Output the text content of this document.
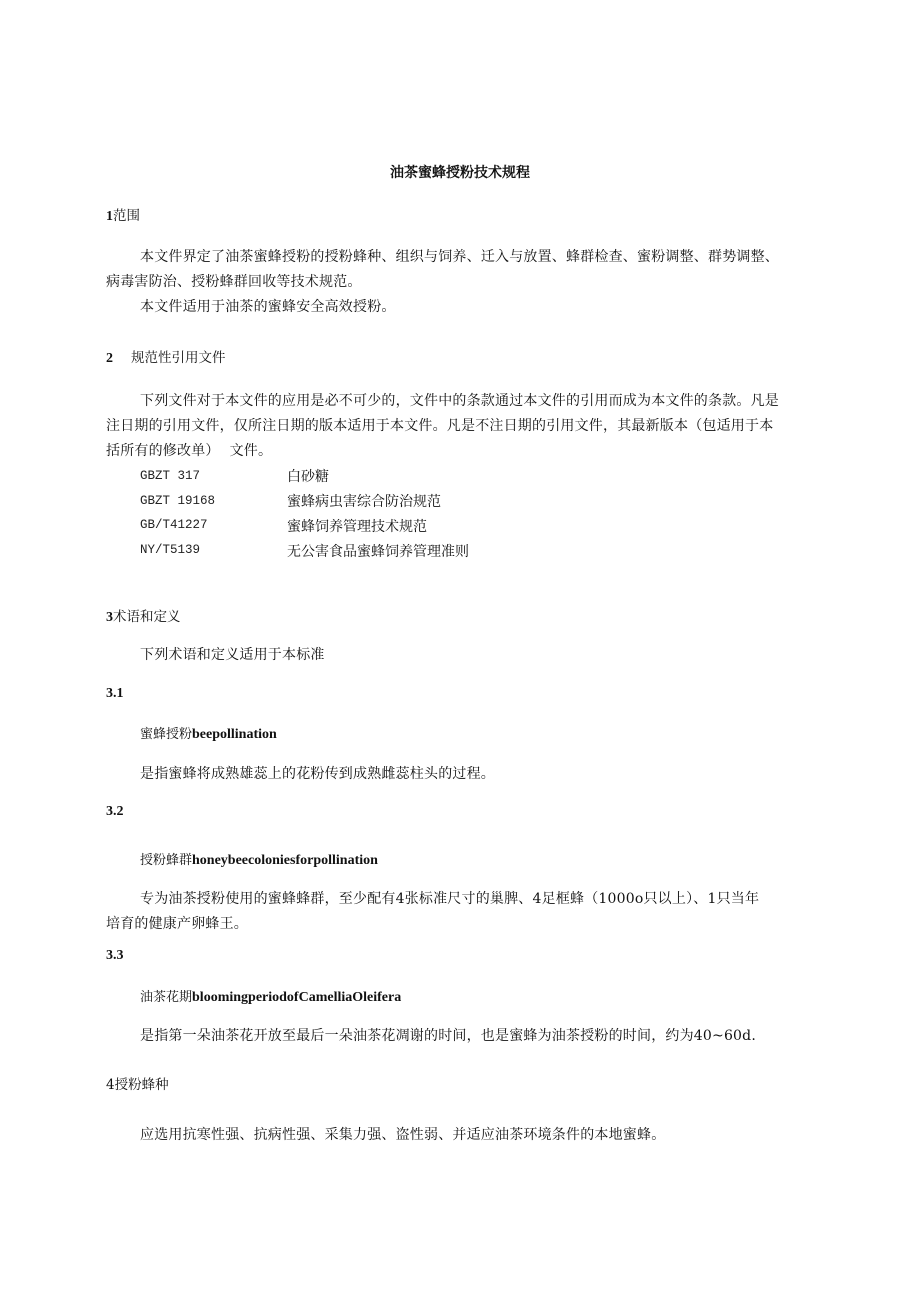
油茶蜜蜂授粉技术规程
1范围
本文件界定了油茶蜜蜂授粉的授粉蜂种、组织与饲养、迁入与放置、蜂群检查、蜜粉调整、群势调整、
病毒害防治、授粉蜂群回收等技术规范。
本文件适用于油茶的蜜蜂安全高效授粉。
2 规范性引用文件
下列文件对于本文件的应用是必不可少的，文件中的条款通过本文件的引用而成为本文件的条款。凡是
注日期的引用文件，仅所注日期的版本适用于本文件。凡是不注日期的引用文件，其最新版本（包适用于本
括所有的修改单） 文件。
GBZT 317	白砂糖
GBZT 19168	蜜蜂病虫害综合防治规范
GB/T41227	蜜蜂饲养管理技术规范
NY/T5139	无公害食品蜜蜂饲养管理准则
3术语和定义
下列术语和定义适用于本标准
3.1
蜜蜂授粉beepollination
是指蜜蜂将成熟雄蕊上的花粉传到成熟雌蕊柱头的过程。
3.2
授粉蜂群honeybeecoloniesforpollination
专为油茶授粉使用的蜜蜂蜂群，至少配有4张标准尺寸的巢脾、4足框蜂（1000o只以上）、1只当年
培育的健康产卵蜂王。
3.3
油茶花期bloomingperiodofCamelliaOleifera
是指第一朵油茶花开放至最后一朵油茶花凋谢的时间，也是蜜蜂为油茶授粉的时间，约为40~60d.
4授粉蜂种
应选用抗寒性强、抗病性强、采集力强、盗性弱、并适应油茶环境条件的本地蜜蜂。
